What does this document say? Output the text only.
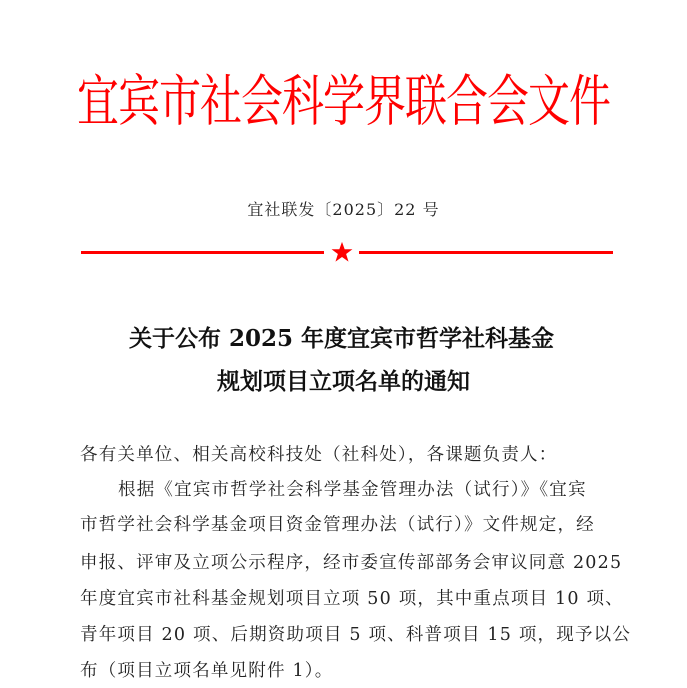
宜宾市社会科学界联合会文件
宜社联发〔2025〕22 号
关于公布 2025 年度宜宾市哲学社科基金
规划项目立项名单的通知
各有关单位、相关高校科技处（社科处），各课题负责人：
根据《宜宾市哲学社会科学基金管理办法（试行）》《宜宾
市哲学社会科学基金项目资金管理办法（试行）》文件规定，经
申报、评审及立项公示程序，经市委宣传部部务会审议同意 2025
年度宜宾市社科基金规划项目立项 50 项，其中重点项目 10 项、
青年项目 20 项、后期资助项目 5 项、科普项目 15 项，现予以公
布（项目立项名单见附件 1）。
